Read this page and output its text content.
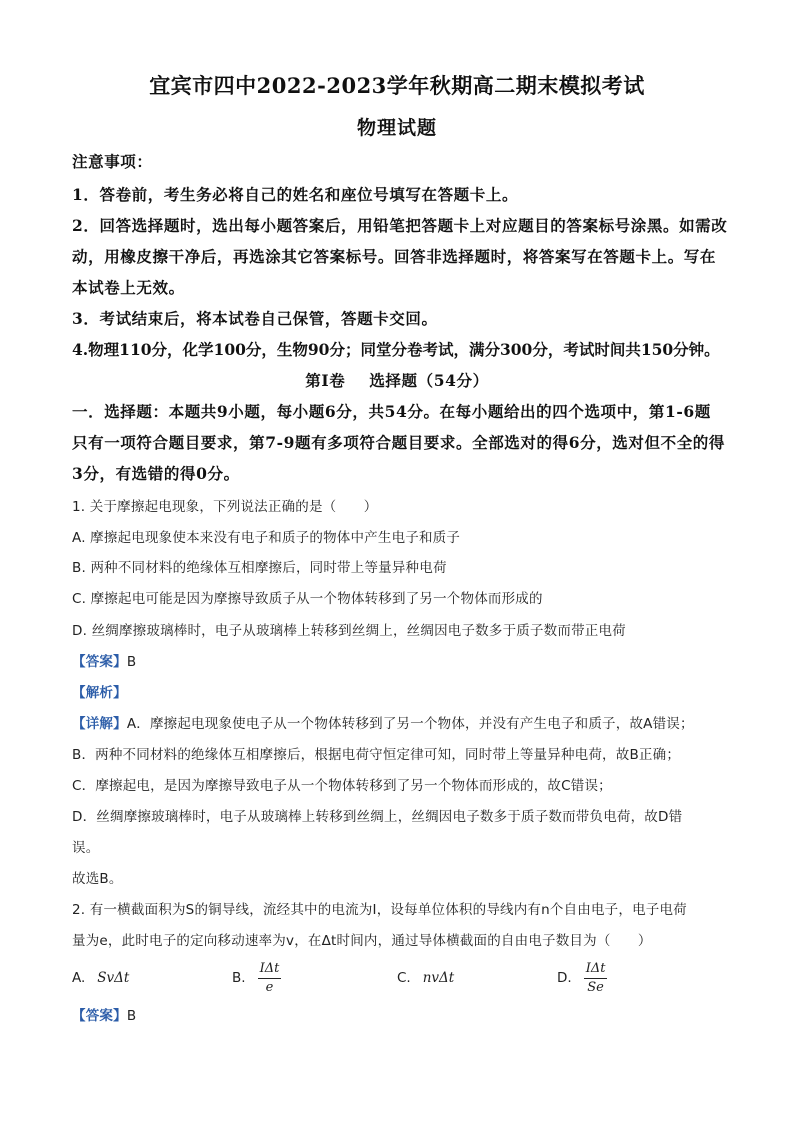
宜宾市四中2022-2023学年秋期高二期末模拟考试
物理试题
注意事项：
1．答卷前，考生务必将自己的姓名和座位号填写在答题卡上。
2．回答选择题时，选出每小题答案后，用铅笔把答题卡上对应题目的答案标号涂黑。如需改
动，用橡皮擦干净后，再选涂其它答案标号。回答非选择题时，将答案写在答题卡上。写在
本试卷上无效。
3．考试结束后，将本试卷自己保管，答题卡交回。
4.物理110分，化学100分，生物90分；同堂分卷考试，满分300分，考试时间共150分钟。
第Ⅰ卷    选择题（54分）
一．选择题：本题共9小题，每小题6分，共54分。在每小题给出的四个选项中，第1-6题
只有一项符合题目要求，第7-9题有多项符合题目要求。全部选对的得6分，选对但不全的得
3分，有选错的得0分。
1. 关于摩擦起电现象，下列说法正确的是（　　）
A. 摩擦起电现象使本来没有电子和质子的物体中产生电子和质子
B. 两种不同材料的绝缘体互相摩擦后，同时带上等量异种电荷
C. 摩擦起电可能是因为摩擦导致质子从一个物体转移到了另一个物体而形成的
D. 丝绸摩擦玻璃棒时，电子从玻璃棒上转移到丝绸上，丝绸因电子数多于质子数而带正电荷
【答案】B
【解析】
【详解】A．摩擦起电现象使电子从一个物体转移到了另一个物体，并没有产生电子和质子，故A错误；
B．两种不同材料的绝缘体互相摩擦后，根据电荷守恒定律可知，同时带上等量异种电荷，故B正确；
C．摩擦起电，是因为摩擦导致电子从一个物体转移到了另一个物体而形成的，故C错误；
D．丝绸摩擦玻璃棒时，电子从玻璃棒上转移到丝绸上，丝绸因电子数多于质子数而带负电荷，故D错
误。
故选B。
2. 有一横截面积为S的铜导线，流经其中的电流为I，设每单位体积的导线内有n个自由电子，电子电荷
量为e，此时电子的定向移动速率为v，在Δt时间内，通过导体横截面的自由电子数目为（　　）
A. SvΔt	B. $\frac{\text{IΔt}}{e}$	C. nvΔt	D. $\frac{\text{IΔt}}{Se}$
【答案】B
